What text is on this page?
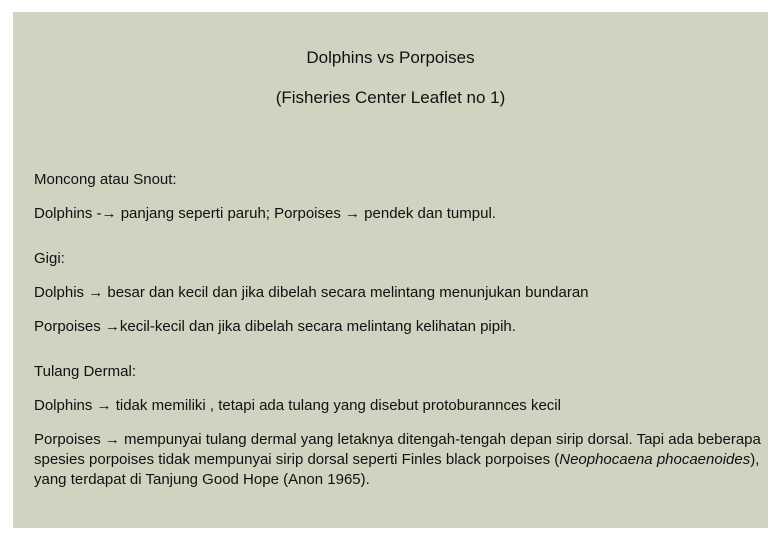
Dolphins vs Porpoises
(Fisheries Center Leaflet no 1)
Moncong atau Snout:
Dolphins -→ panjang seperti paruh; Porpoises → pendek dan tumpul.
Gigi:
Dolphis → besar dan kecil dan jika dibelah secara melintang menunjukan bundaran
Porpoises →kecil-kecil dan jika dibelah secara melintang kelihatan pipih.
Tulang Dermal:
Dolphins → tidak memiliki , tetapi ada tulang yang disebut protoburannces kecil
Porpoises → mempunyai tulang dermal yang letaknya ditengah-tengah depan sirip dorsal. Tapi ada beberapa spesies porpoises tidak mempunyai sirip dorsal seperti Finles black porpoises (Neophocaena phocaenoides), yang terdapat di Tanjung Good Hope (Anon 1965).
